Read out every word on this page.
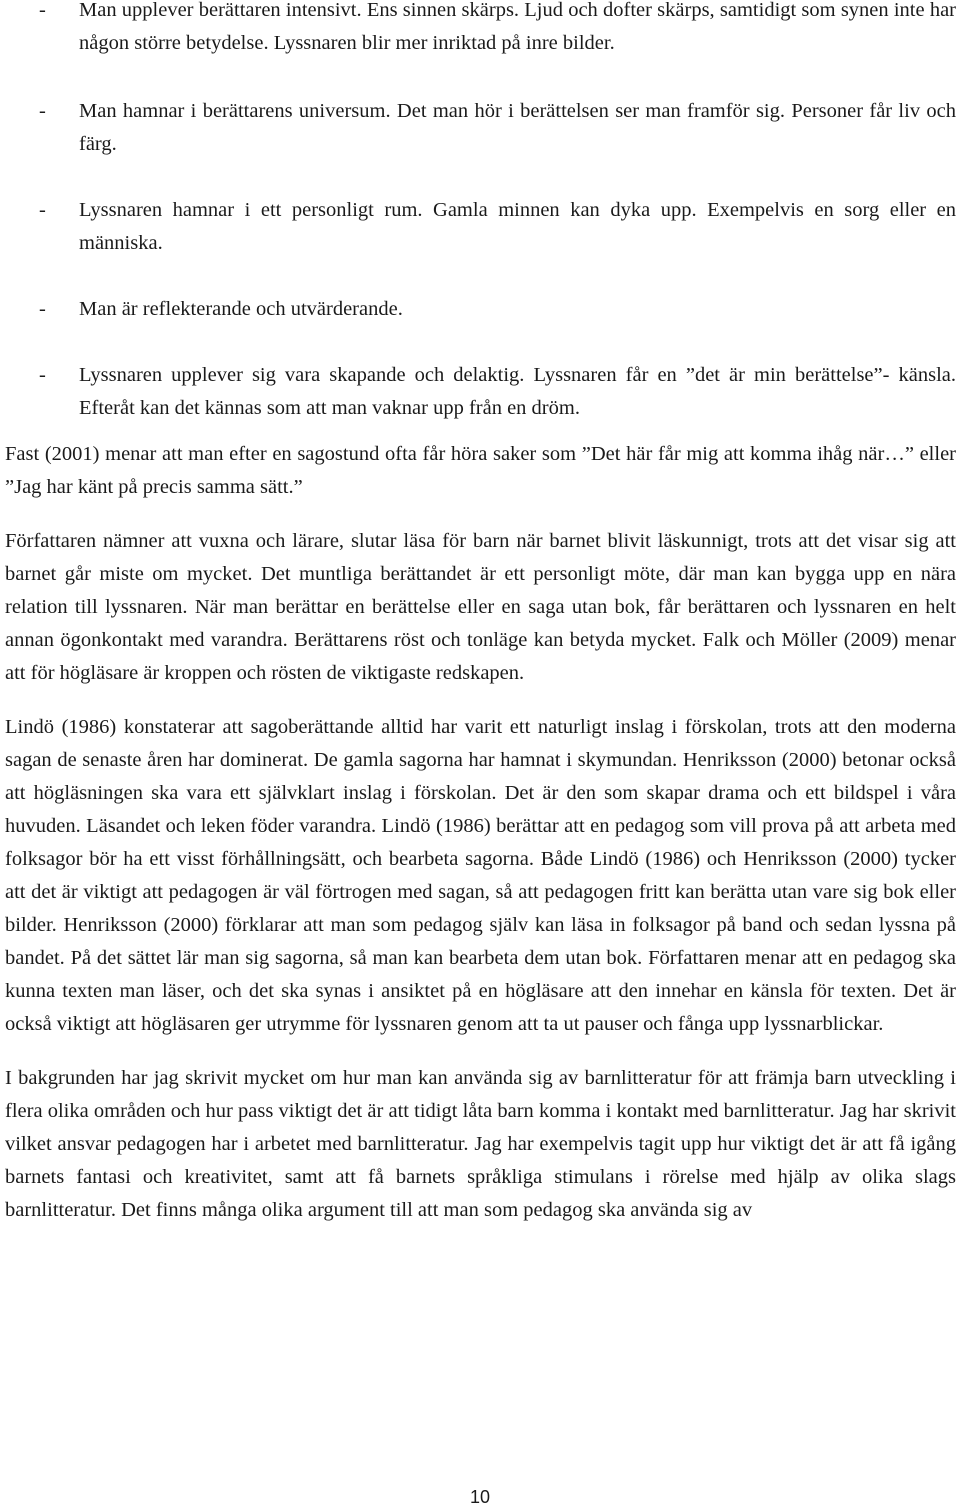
-	Man upplever berättaren intensivt. Ens sinnen skärps. Ljud och dofter skärps, samtidigt som synen inte har någon större betydelse. Lyssnaren blir mer inriktad på inre bilder.
-	Man hamnar i berättarens universum. Det man hör i berättelsen ser man framför sig. Personer får liv och färg.
-	Lyssnaren hamnar i ett personligt rum. Gamla minnen kan dyka upp. Exempelvis en sorg eller en människa.
-	Man är reflekterande och utvärderande.
-	Lyssnaren upplever sig vara skapande och delaktig. Lyssnaren får en ”det är min berättelse”- känsla. Efteråt kan det kännas som att man vaknar upp från en dröm.

Fast (2001) menar att man efter en sagostund ofta får höra saker som ”Det här får mig att komma ihåg när…” eller ”Jag har känt på precis samma sätt.”

Författaren nämner att vuxna och lärare, slutar läsa för barn när barnet blivit läskunnigt, trots att det visar sig att barnet går miste om mycket. Det muntliga berättandet är ett personligt möte, där man kan bygga upp en nära relation till lyssnaren. När man berättar en berättelse eller en saga utan bok, får berättaren och lyssnaren en helt annan ögonkontakt med varandra. Berättarens röst och tonläge kan betyda mycket. Falk och Möller (2009) menar att för högläsare är kroppen och rösten de viktigaste redskapen.

Lindö (1986) konstaterar att sagoberättande alltid har varit ett naturligt inslag i förskolan, trots att den moderna sagan de senaste åren har dominerat. De gamla sagorna har hamnat i skymundan. Henriksson (2000) betonar också att högläsningen ska vara ett självklart inslag i förskolan. Det är den som skapar drama och ett bildspel i våra huvuden. Läsandet och leken föder varandra. Lindö (1986) berättar att en pedagog som vill prova på att arbeta med folksagor bör ha ett visst förhållningsätt, och bearbeta sagorna. Både Lindö (1986) och Henriksson (2000) tycker att det är viktigt att pedagogen är väl förtrogen med sagan, så att pedagogen fritt kan berätta utan vare sig bok eller bilder. Henriksson (2000) förklarar att man som pedagog själv kan läsa in folksagor på band och sedan lyssna på bandet. På det sättet lär man sig sagorna, så man kan bearbeta dem utan bok. Författaren menar att en pedagog ska kunna texten man läser, och det ska synas i ansiktet på en högläsare att den innehar en känsla för texten. Det är också viktigt att högläsaren ger utrymme för lyssnaren genom att ta ut pauser och fånga upp lyssnarblickar.

I bakgrunden har jag skrivit mycket om hur man kan använda sig av barnlitteratur för att främja barn utveckling i flera olika områden och hur pass viktigt det är att tidigt låta barn komma i kontakt med barnlitteratur. Jag har skrivit vilket ansvar pedagogen har i arbetet med barnlitteratur. Jag har exempelvis tagit upp hur viktigt det är att få igång barnets fantasi och kreativitet, samt att få barnets språkliga stimulans i rörelse med hjälp av olika slags barnlitteratur. Det finns många olika argument till att man som pedagog ska använda sig av

10
